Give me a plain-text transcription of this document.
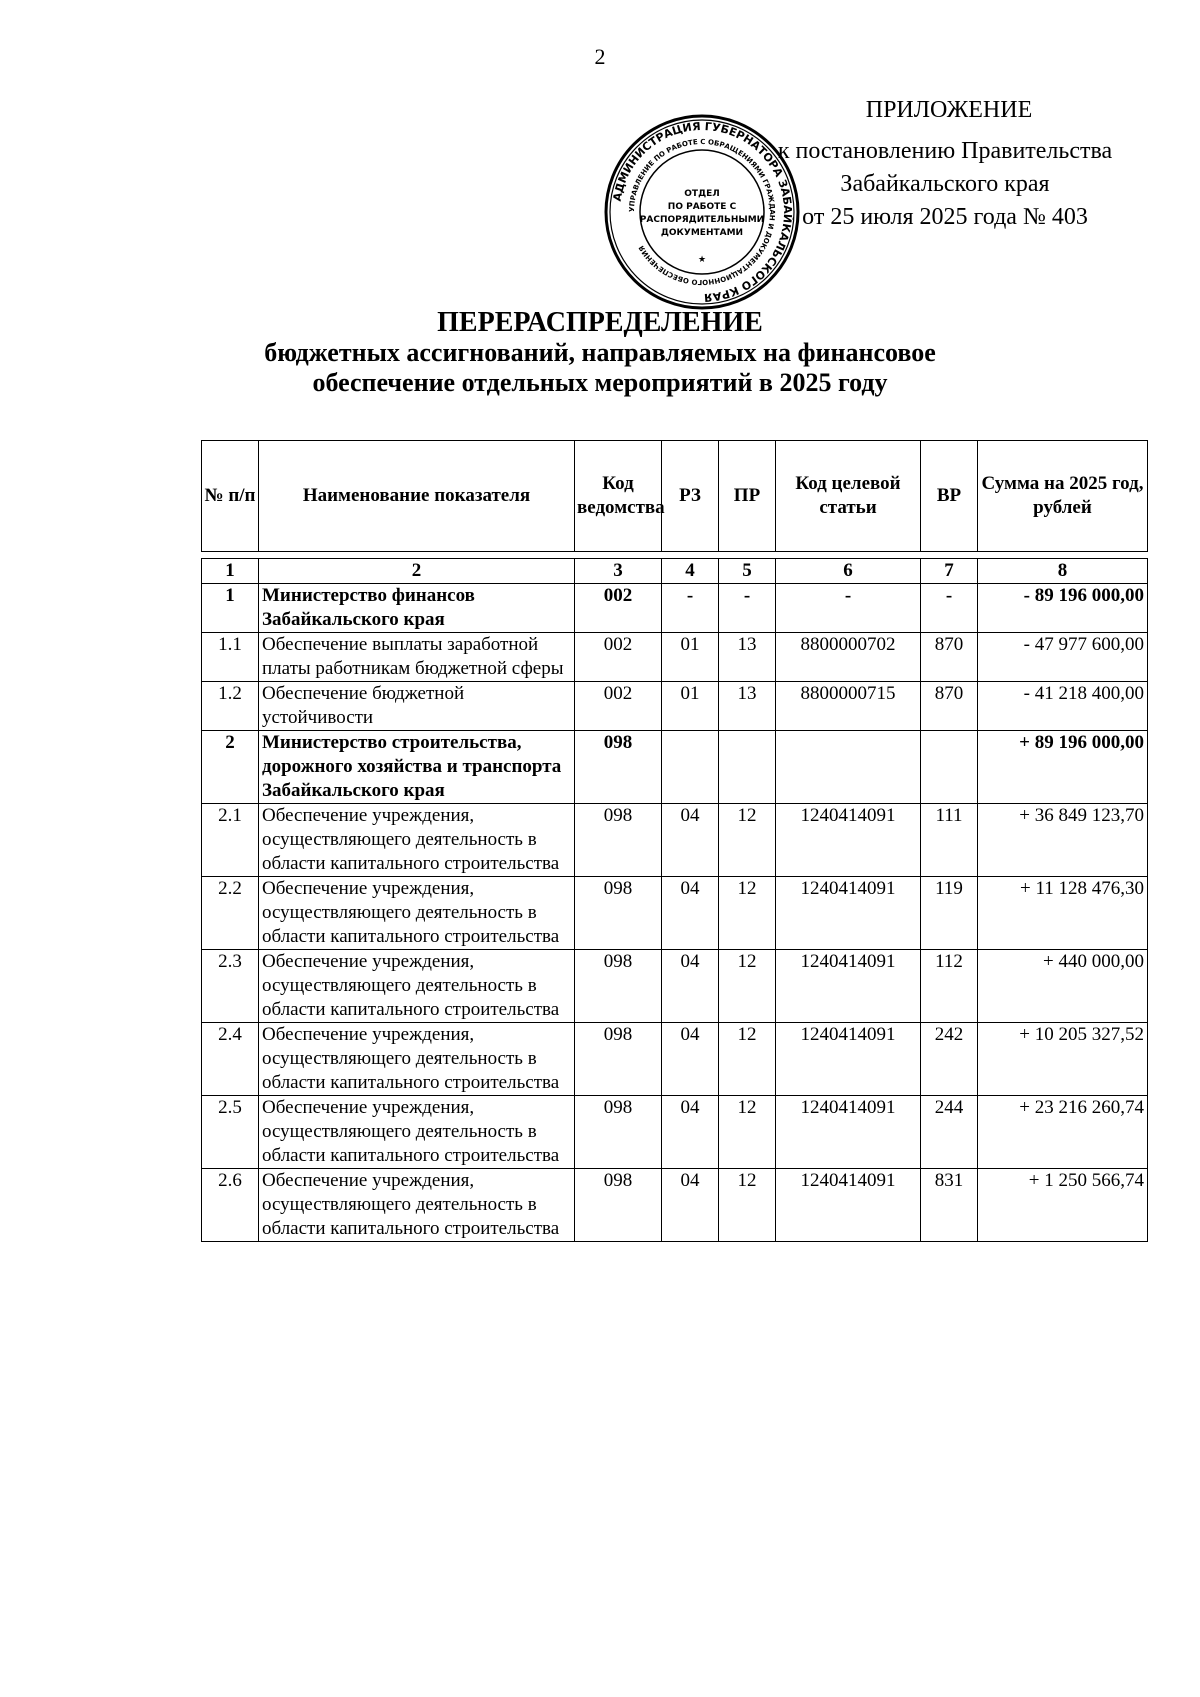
2
АДМИНИСТРАЦИЯ ГУБЕРНАТОРА ЗАБАЙКАЛЬСКОГО КРАЯ
УПРАВЛЕНИЕ ПО РАБОТЕ С ОБРАЩЕНИЯМИ ГРАЖДАН И ДОКУМЕНТАЦИОННОГО ОБЕСПЕЧЕНИЯ
ОТДЕЛ
ПО РАБОТЕ С
РАСПОРЯДИТЕЛЬНЫМИ
ДОКУМЕНТАМИ
★
ПРИЛОЖЕНИЕ
к постановлению Правительства
Забайкальского края
от 25 июля 2025 года № 403
ПЕРЕРАСПРЕДЕЛЕНИЕ
бюджетных ассигнований, направляемых на финансовое
обеспечение отдельных мероприятий в 2025 году
№ п/п	Наименование показателя	Код ведомства	РЗ	ПР	Код целевой статьи	ВР	Сумма на 2025 год, рублей

1	2	3	4	5	6	7	8
1	Министерство финансов Забайкальского края	002	-	-	-	-	- 89 196 000,00
1.1	Обеспечение выплаты заработной платы работникам бюджетной сферы	002	01	13	8800000702	870	- 47 977 600,00
1.2	Обеспечение бюджетной устойчивости	002	01	13	8800000715	870	- 41 218 400,00
2	Министерство строительства, дорожного хозяйства и транспорта Забайкальского края	098					+ 89 196 000,00
2.1	Обеспечение учреждения, осуществляющего деятельность в области капитального строительства	098	04	12	1240414091	111	+ 36 849 123,70
2.2	Обеспечение учреждения, осуществляющего деятельность в области капитального строительства	098	04	12	1240414091	119	+ 11 128 476,30
2.3	Обеспечение учреждения, осуществляющего деятельность в области капитального строительства	098	04	12	1240414091	112	+ 440 000,00
2.4	Обеспечение учреждения, осуществляющего деятельность в области капитального строительства	098	04	12	1240414091	242	+ 10 205 327,52
2.5	Обеспечение учреждения, осуществляющего деятельность в области капитального строительства	098	04	12	1240414091	244	+ 23 216 260,74
2.6	Обеспечение учреждения, осуществляющего деятельность в области капитального строительства	098	04	12	1240414091	831	+ 1 250 566,74
